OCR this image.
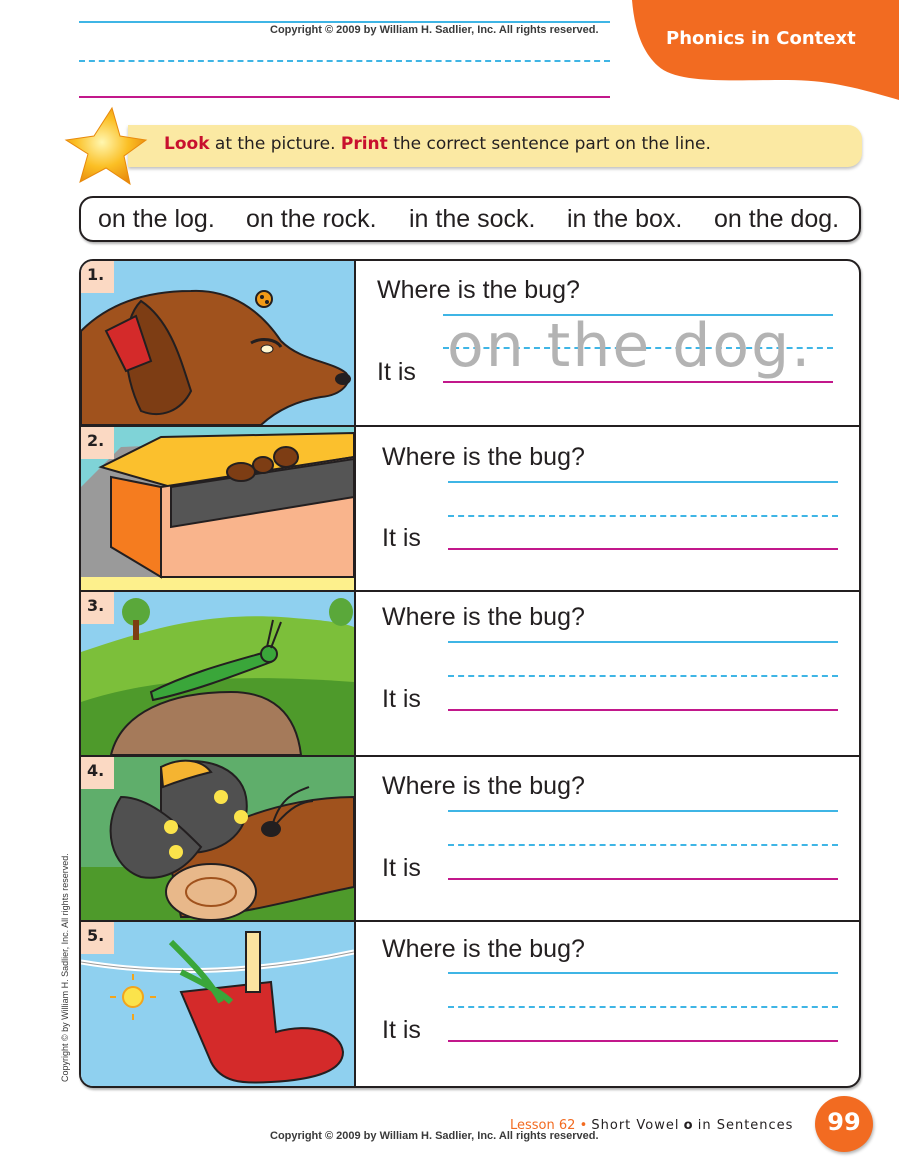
Copyright © 2009 by William H. Sadlier, Inc. All rights reserved.	Phonics in Context
Look at the picture. Print the correct sentence part on the line.
on the log. on the rock. in the sock. in the box. on the dog.
1.
Where is the bug?
It is on the dog.
2.
Where is the bug?
It is
3.	Where is the bug?
It is
4.
Where is the bug?
It is
5.	Where is the bug?
It is
Copyright © by William H. Sadlier, Inc. All rights reserved.
Lesson 62 • Short Vowel o in Sentences	99
Copyright © 2009 by William H. Sadlier, Inc. All rights reserved.
